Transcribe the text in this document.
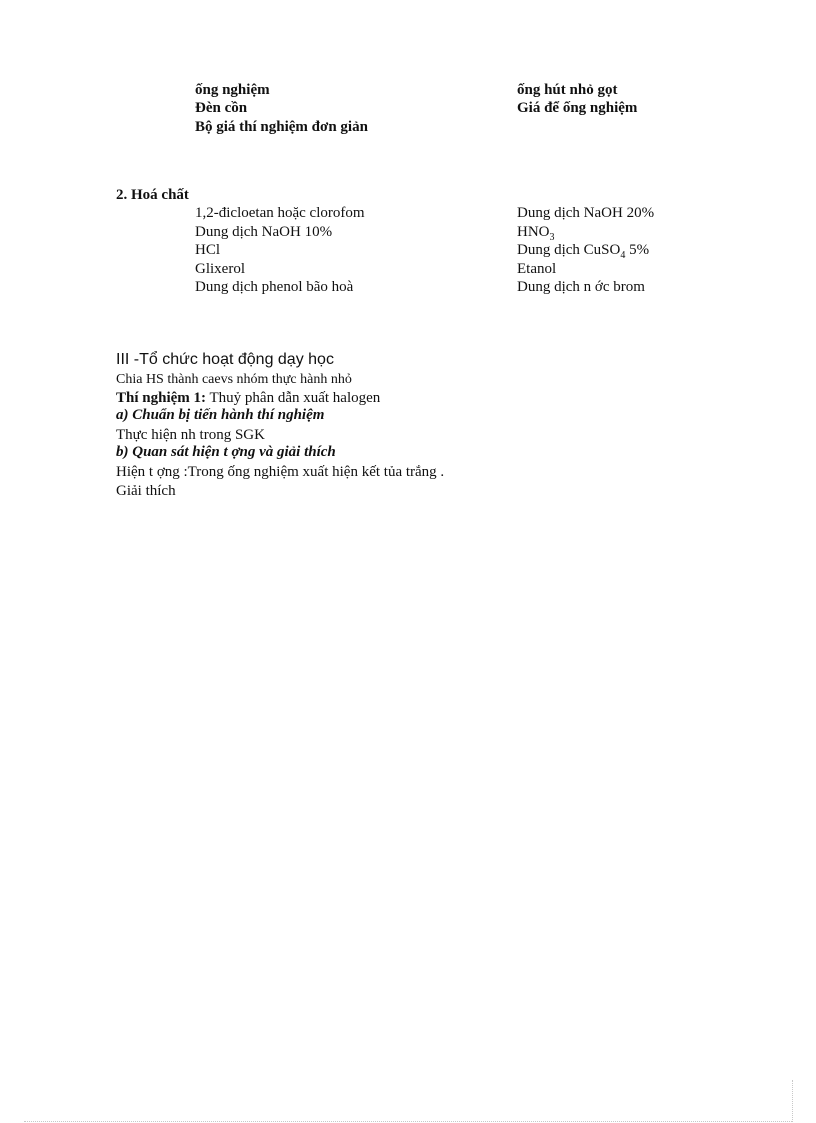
ống nghiệm
Đèn cồn
Bộ giá thí nghiệm đơn giản
ống hút nhỏ gọt
Giá để ống nghiệm
2. Hoá chất
1,2-đicloetan hoặc clorofom
Dung dịch NaOH 10%
HCl
Glixerol
Dung dịch phenol bão hoà
Dung dịch NaOH 20%
$HNO_3$
Dung dịch CuSO$_4$ 5%
Etanol
Dung dịch n ớc brom
III -Tổ chức hoạt động dạy học
Chia HS thành caevs nhóm thực hành nhỏ
Thí nghiệm 1: Thuỷ phân dẫn xuất halogen
a) Chuẩn bị tiến hành thí nghiệm
Thực hiện nh trong SGK
b) Quan sát hiện t ợng và giải thích
Hiện t ợng :Trong ống nghiệm xuất hiện kết tủa trắng .
Giải thích
